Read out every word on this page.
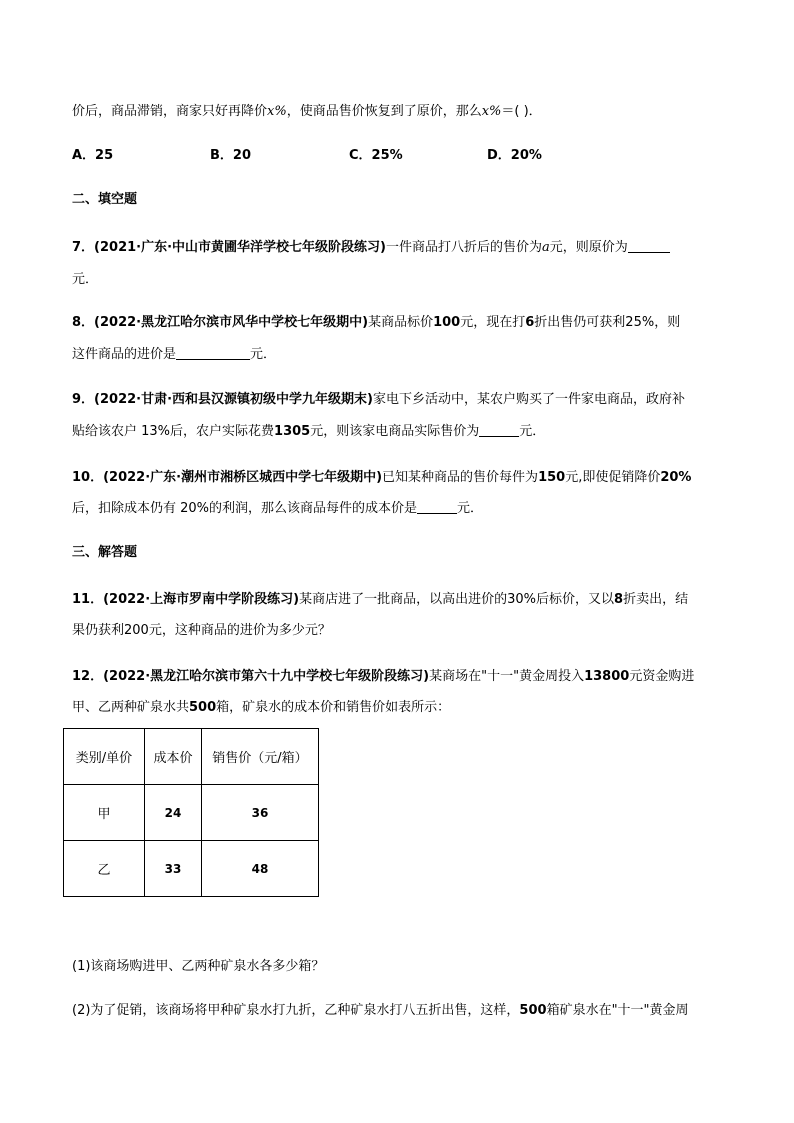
价后，商品滞销，商家只好再降价x%，使商品售价恢复到了原价，那么x%＝( )．
A．25	B．20	C．25%	D．20%
二、填空题
7．(2021·广东·中山市黄圃华洋学校七年级阶段练习)一件商品打八折后的售价为a元，则原价为
元．
8．(2022·黑龙江哈尔滨市风华中学校七年级期中)某商品标价100元，现在打6折出售仍可获利25%，则
这件商品的进价是	元．
9．(2022·甘肃·西和县汉源镇初级中学九年级期末)家电下乡活动中，某农户购买了一件家电商品，政府补
贴给该农户 13%后，农户实际花费1305元，则该家电商品实际售价为	元．
10．(2022·广东·潮州市湘桥区城西中学七年级期中)已知某种商品的售价每件为150元,即使促销降价20%
后，扣除成本仍有 20%的利润，那么该商品每件的成本价是	元．
三、解答题
11．(2022·上海市罗南中学阶段练习)某商店进了一批商品，以高出进价的30%后标价，又以8折卖出，结
果仍获利200元，这种商品的进价为多少元？
12．(2022·黑龙江哈尔滨市第六十九中学校七年级阶段练习)某商场在"十一"黄金周投入13800元资金购进
甲、乙两种矿泉水共500箱，矿泉水的成本价和销售价如表所示：
类别/单价	成本价	销售价（元/箱）
甲	24	36
乙	33	48
(1)该商场购进甲、乙两种矿泉水各多少箱？
(2)为了促销，该商场将甲种矿泉水打九折，乙种矿泉水打八五折出售，这样，500箱矿泉水在"十一"黄金周
